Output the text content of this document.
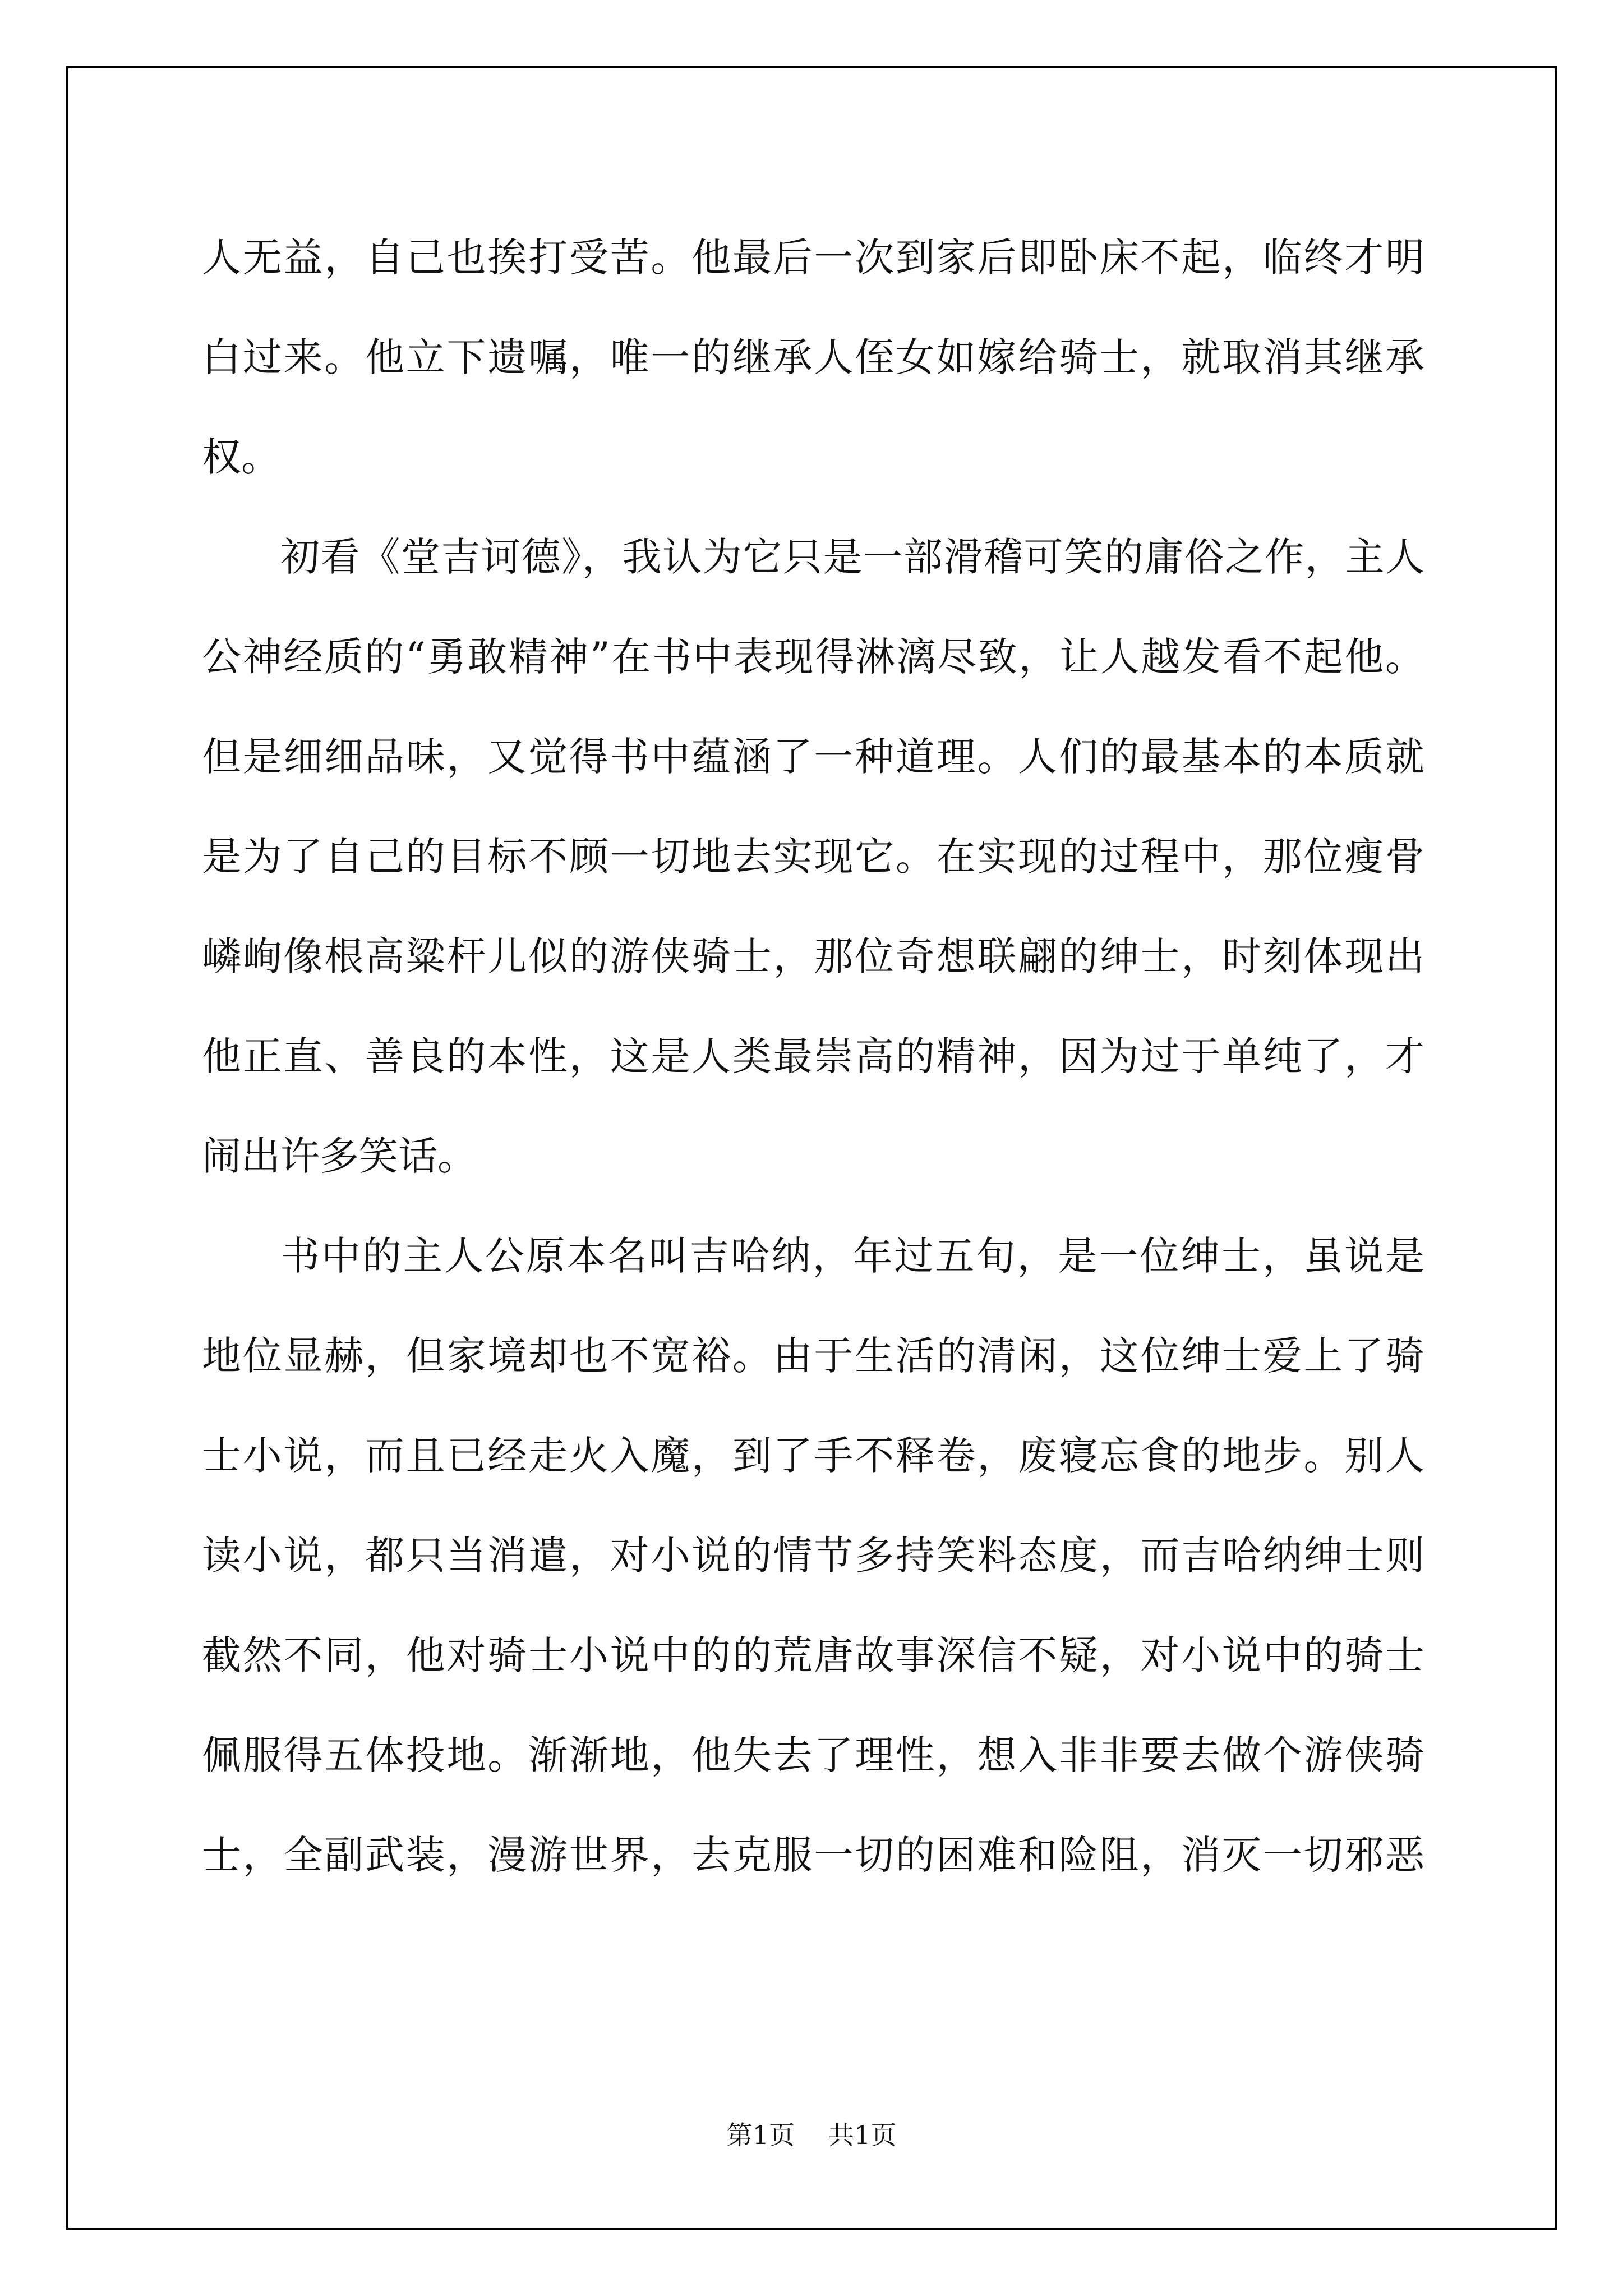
人无益，自己也挨打受苦。他最后一次到家后即卧床不起，临终才明
白过来。他立下遗嘱，唯一的继承人侄女如嫁给骑士，就取消其继承
权。
初看《堂吉诃德》，我认为它只是一部滑稽可笑的庸俗之作，主人
公神经质的“勇敢精神”在书中表现得淋漓尽致，让人越发看不起他。
但是细细品味，又觉得书中蕴涵了一种道理。人们的最基本的本质就
是为了自己的目标不顾一切地去实现它。在实现的过程中，那位瘦骨
嶙峋像根高粱杆儿似的游侠骑士，那位奇想联翩的绅士，时刻体现出
他正直、善良的本性，这是人类最崇高的精神，因为过于单纯了，才
闹出许多笑话。
书中的主人公原本名叫吉哈纳，年过五旬，是一位绅士，虽说是
地位显赫，但家境却也不宽裕。由于生活的清闲，这位绅士爱上了骑
士小说，而且已经走火入魔，到了手不释卷，废寝忘食的地步。别人
读小说，都只当消遣，对小说的情节多持笑料态度，而吉哈纳绅士则
截然不同，他对骑士小说中的的荒唐故事深信不疑，对小说中的骑士
佩服得五体投地。渐渐地，他失去了理性，想入非非要去做个游侠骑
士，全副武装，漫游世界，去克服一切的困难和险阻，消灭一切邪恶
第1页 共1页
